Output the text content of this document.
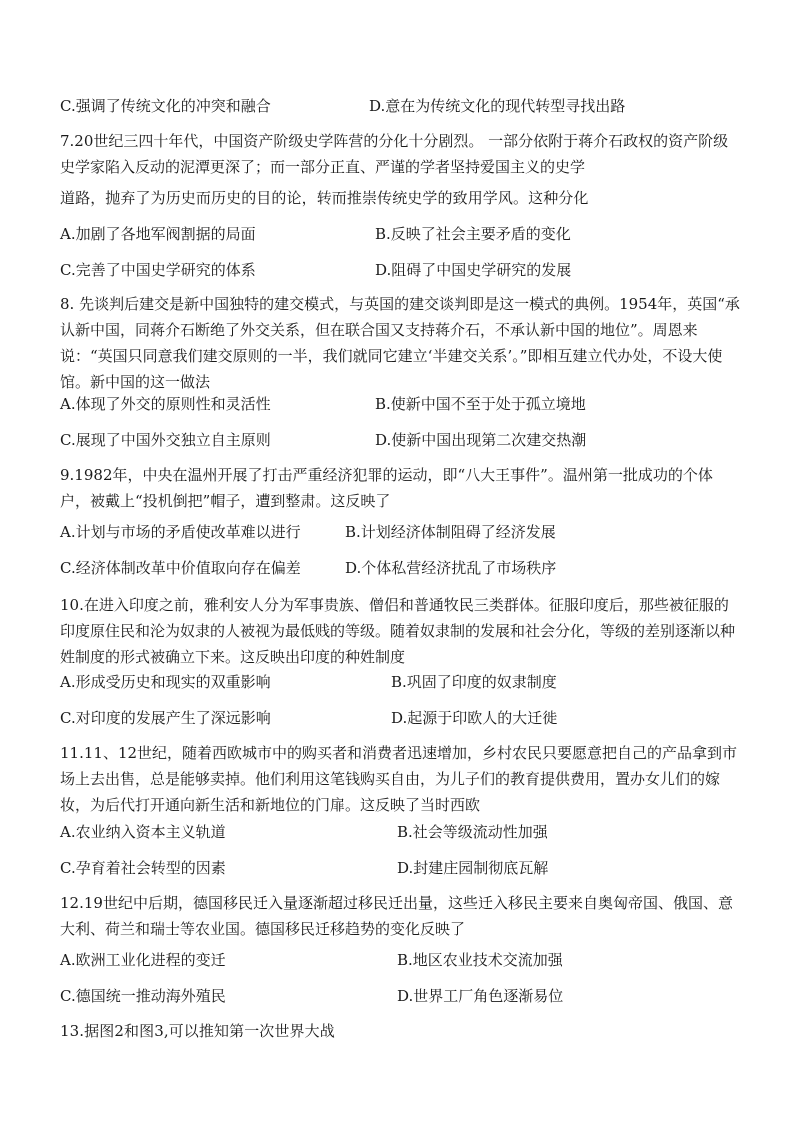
C.强调了传统文化的冲突和融合	D.意在为传统文化的现代转型寻找出路
7.20世纪三四十年代，中国资产阶级史学阵营的分化十分剧烈。 一部分依附于蒋介石政权的资产阶级史学家陷入反动的泥潭更深了；而一部分正直、严谨的学者坚持爱国主义的史学
道路，抛弃了为历史而历史的目的论，转而推崇传统史学的致用学风。这种分化
A.加剧了各地军阀割据的局面	B.反映了社会主要矛盾的变化
C.完善了中国史学研究的体系	D.阻碍了中国史学研究的发展
8. 先谈判后建交是新中国独特的建交模式，与英国的建交谈判即是这一模式的典例。1954年，英国“承认新中国，同蒋介石断绝了外交关系，但在联合国又支持蒋介石，不承认新中国的地位”。周恩来说：“英国只同意我们建交原则的一半，我们就同它建立‘半建交关系’。”即相互建立代办处，不设大使馆。新中国的这一做法
A.体现了外交的原则性和灵活性	B.使新中国不至于处于孤立境地
C.展现了中国外交独立自主原则	D.使新中国出现第二次建交热潮
9.1982年，中央在温州开展了打击严重经济犯罪的运动，即“八大王事件”。温州第一批成功的个体户，被戴上“投机倒把”帽子，遭到整肃。这反映了
A.计划与市场的矛盾使改革难以进行	B.计划经济体制阻碍了经济发展
C.经济体制改革中价值取向存在偏差	D.个体私营经济扰乱了市场秩序
10.在进入印度之前，雅利安人分为军事贵族、僧侣和普通牧民三类群体。征服印度后，那些被征服的印度原住民和沦为奴隶的人被视为最低贱的等级。随着奴隶制的发展和社会分化，等级的差别逐渐以种姓制度的形式被确立下来。这反映出印度的种姓制度
A.形成受历史和现实的双重影响	B.巩固了印度的奴隶制度
C.对印度的发展产生了深远影响	D.起源于印欧人的大迁徙
11.11、12世纪，随着西欧城市中的购买者和消费者迅速增加，乡村农民只要愿意把自己的产品拿到市场上去出售，总是能够卖掉。他们利用这笔钱购买自由，为儿子们的教育提供费用，置办女儿们的嫁妆，为后代打开通向新生活和新地位的门扉。这反映了当时西欧
A.农业纳入资本主义轨道	B.社会等级流动性加强
C.孕育着社会转型的因素	D.封建庄园制彻底瓦解
12.19世纪中后期，德国移民迁入量逐渐超过移民迁出量，这些迁入移民主要来自奥匈帝国、俄国、意大利、荷兰和瑞士等农业国。德国移民迁移趋势的变化反映了
A.欧洲工业化进程的变迁	B.地区农业技术交流加强
C.德国统一推动海外殖民	D.世界工厂角色逐渐易位
13.据图2和图3,可以推知第一次世界大战
